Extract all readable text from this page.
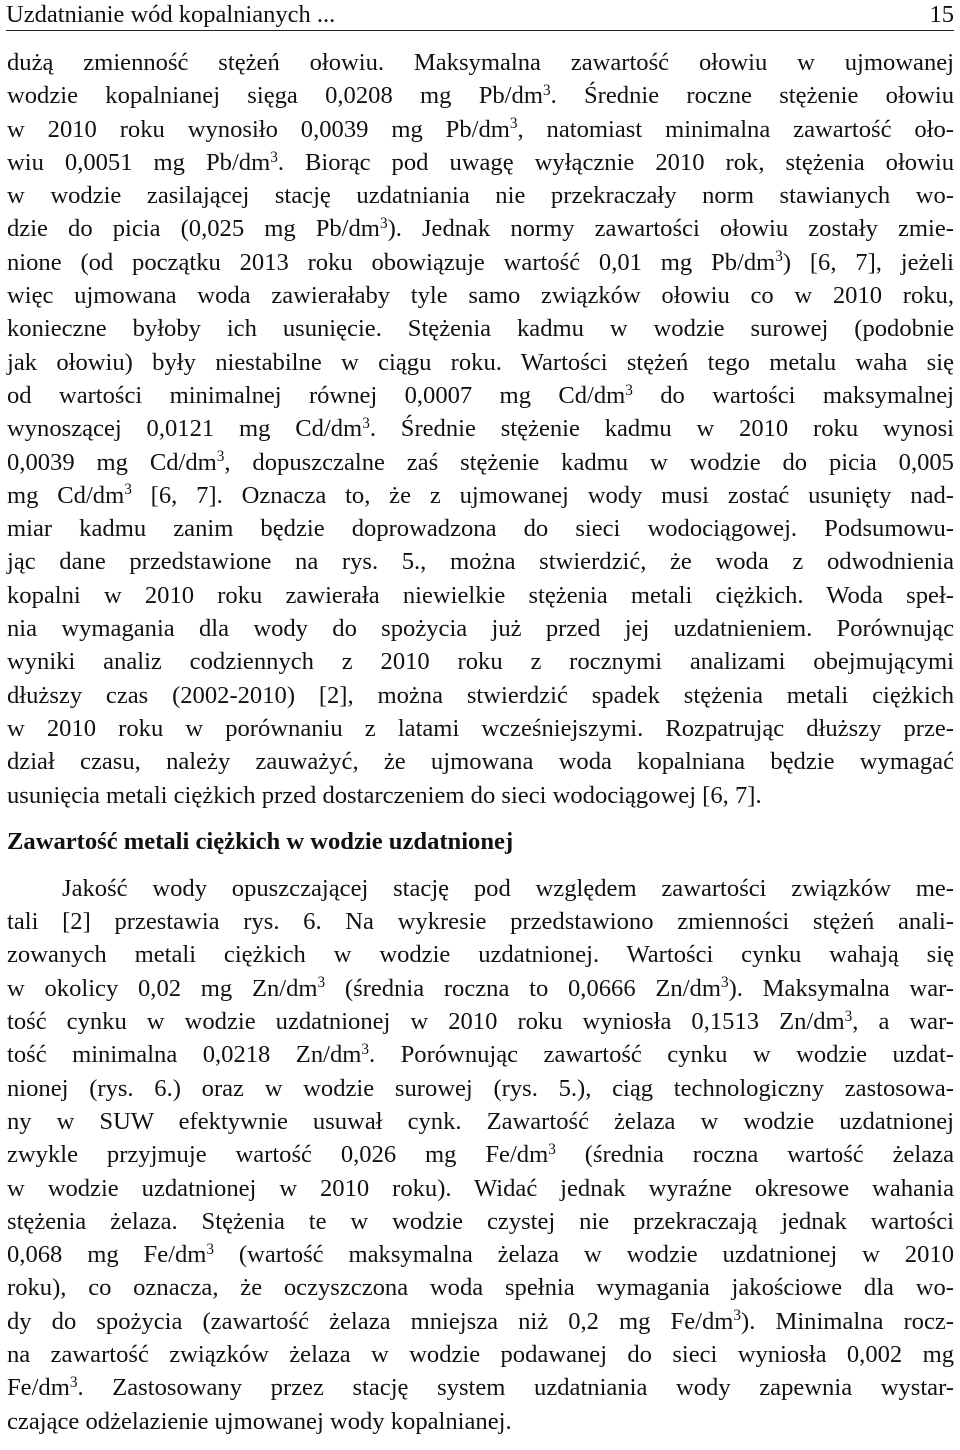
Uzdatnianie wód kopalnianych ...	15
dużą zmienność stężeń ołowiu. Maksymalna zawartość ołowiu w ujmowanej
wodzie kopalnianej sięga 0,0208 mg $Pb/dm^3$. Średnie roczne stężenie ołowiu
w 2010 roku wynosiło 0,0039 mg $Pb/dm^3$, natomiast minimalna zawartość oło-
wiu 0,0051 mg $Pb/dm^3$. Biorąc pod uwagę wyłącznie 2010 rok, stężenia ołowiu
w wodzie zasilającej stację uzdatniania nie przekraczały norm stawianych wo-
dzie do picia (0,025 mg $Pb/dm^3$). Jednak normy zawartości ołowiu zostały zmie-
nione (od początku 2013 roku obowiązuje wartość 0,01 mg $Pb/dm^3$) [6, 7], jeżeli
więc ujmowana woda zawierałaby tyle samo związków ołowiu co w 2010 roku,
konieczne byłoby ich usunięcie. Stężenia kadmu w wodzie surowej (podobnie
jak ołowiu) były niestabilne w ciągu roku. Wartości stężeń tego metalu waha się
od wartości minimalnej równej 0,0007 mg $Cd/dm^3$ do wartości maksymalnej
wynoszącej 0,0121 mg $Cd/dm^3$. Średnie stężenie kadmu w 2010 roku wynosi
0,0039 mg $Cd/dm^3$, dopuszczalne zaś stężenie kadmu w wodzie do picia 0,005
mg $Cd/dm^3$ [6, 7]. Oznacza to, że z ujmowanej wody musi zostać usunięty nad-
miar kadmu zanim będzie doprowadzona do sieci wodociągowej. Podsumowu-
jąc dane przedstawione na rys. 5., można stwierdzić, że woda z odwodnienia
kopalni w 2010 roku zawierała niewielkie stężenia metali ciężkich. Woda speł-
nia wymagania dla wody do spożycia już przed jej uzdatnieniem. Porównując
wyniki analiz codziennych z 2010 roku z rocznymi analizami obejmującymi
dłuższy czas (2002-2010) [2], można stwierdzić spadek stężenia metali ciężkich
w 2010 roku w porównaniu z latami wcześniejszymi. Rozpatrując dłuższy prze-
dział czasu, należy zauważyć, że ujmowana woda kopalniana będzie wymagać
usunięcia metali ciężkich przed dostarczeniem do sieci wodociągowej [6, 7].
Zawartość metali ciężkich w wodzie uzdatnionej
Jakość wody opuszczającej stację pod względem zawartości związków me-
tali [2] przestawia rys. 6. Na wykresie przedstawiono zmienności stężeń anali-
zowanych metali ciężkich w wodzie uzdatnionej. Wartości cynku wahają się
w okolicy 0,02 mg $Zn/dm^3$ (średnia roczna to 0,0666 $Zn/dm^3$). Maksymalna war-
tość cynku w wodzie uzdatnionej w 2010 roku wyniosła 0,1513 $Zn/dm^3$, a war-
tość minimalna 0,0218 $Zn/dm^3$. Porównując zawartość cynku w wodzie uzdat-
nionej (rys. 6.) oraz w wodzie surowej (rys. 5.), ciąg technologiczny zastosowa-
ny w SUW efektywnie usuwał cynk. Zawartość żelaza w wodzie uzdatnionej
zwykle przyjmuje wartość 0,026 mg $Fe/dm^3$ (średnia roczna wartość żelaza
w wodzie uzdatnionej w 2010 roku). Widać jednak wyraźne okresowe wahania
stężenia żelaza. Stężenia te w wodzie czystej nie przekraczają jednak wartości
0,068 mg $Fe/dm^3$ (wartość maksymalna żelaza w wodzie uzdatnionej w 2010
roku), co oznacza, że oczyszczona woda spełnia wymagania jakościowe dla wo-
dy do spożycia (zawartość żelaza mniejsza niż 0,2 mg $Fe/dm^3$). Minimalna rocz-
na zawartość związków żelaza w wodzie podawanej do sieci wyniosła 0,002 mg
$Fe/dm^3$. Zastosowany przez stację system uzdatniania wody zapewnia wystar-
czające odżelazienie ujmowanej wody kopalnianej.
